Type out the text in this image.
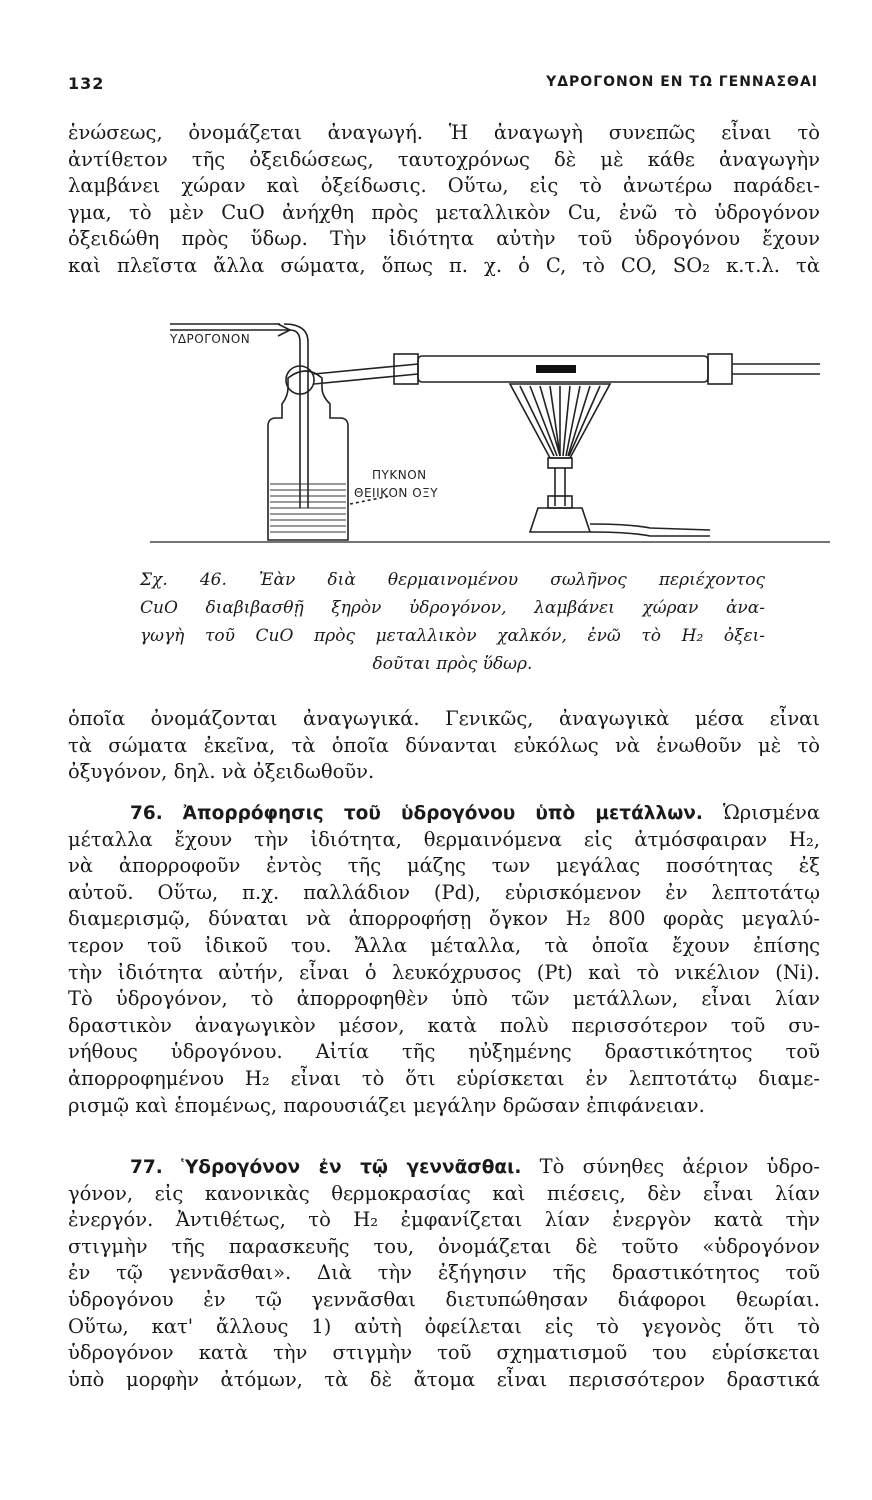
132	ΥΔΡΟΓΟΝΟΝ ΕΝ ΤΩ ΓΕΝΝΑΣΘΑΙ
ἑνώσεως, ὀνομάζεται ἀναγωγή. Ἡ ἀναγωγὴ συνεπῶς εἶναι τὸ
ἀντίθετον τῆς ὀξειδώσεως, ταυτοχρόνως δὲ μὲ κάθε ἀναγωγὴν
λαμβάνει χώραν καὶ ὀξείδωσις. Οὕτω, εἰς τὸ ἀνωτέρω παράδει-
γμα, τὸ μὲν CuO ἀνήχθη πρὸς μεταλλικὸν Cu, ἐνῶ τὸ ὑδρογόνον
ὀξειδώθη πρὸς ὕδωρ. Τὴν ἰδιότητα αὐτὴν τοῦ ὑδρογόνου ἔχουν
καὶ πλεῖστα ἄλλα σώματα, ὅπως π. χ. ὁ C, τὸ CO, SO₂ κ.τ.λ. τὰ
ΥΔΡΟΓΟΝΟΝ
ΠΥΚΝΟΝ
ΘΕΙΙΚΟΝ ΟΞΥ
Σχ. 46. Ἐὰν διὰ θερμαινομένου σωλῆνος περιέχοντος
CuO διαβιβασθῇ ξηρὸν ὑδρογόνον, λαμβάνει χώραν ἀνα-
γωγὴ τοῦ CuO πρὸς μεταλλικὸν χαλκόν, ἐνῶ τὸ H₂ ὀξει-
δοῦται πρὸς ὕδωρ.
ὁποῖα ὀνομάζονται ἀναγωγικά. Γενικῶς, ἀναγωγικὰ μέσα εἶναι
τὰ σώματα ἐκεῖνα, τὰ ὁποῖα δύνανται εὐκόλως νὰ ἑνωθοῦν μὲ τὸ
ὀξυγόνον, δηλ. νὰ ὀξειδωθοῦν.
76. Ἀπορρόφησις τοῦ ὑδρογόνου ὑπὸ μετάλλων. Ὡρισμένα
μέταλλα ἔχουν τὴν ἰδιότητα, θερμαινόμενα εἰς ἀτμόσφαιραν H₂,
νὰ ἀπορροφοῦν ἐντὸς τῆς μάζης των μεγάλας ποσότητας ἐξ
αὐτοῦ. Οὕτω, π.χ. παλλάδιον (Pd), εὑρισκόμενον ἐν λεπτοτάτῳ
διαμερισμῷ, δύναται νὰ ἀπορροφήσῃ ὄγκον H₂ 800 φορὰς μεγαλύ-
τερον τοῦ ἰδικοῦ του. Ἄλλα μέταλλα, τὰ ὁποῖα ἔχουν ἐπίσης
τὴν ἰδιότητα αὐτήν, εἶναι ὁ λευκόχρυσος (Pt) καὶ τὸ νικέλιον (Ni).
Τὸ ὑδρογόνον, τὸ ἀπορροφηθὲν ὑπὸ τῶν μετάλλων, εἶναι λίαν
δραστικὸν ἀναγωγικὸν μέσον, κατὰ πολὺ περισσότερον τοῦ συ-
νήθους ὑδρογόνου. Αἰτία τῆς ηὐξημένης δραστικότητος τοῦ
ἀπορροφημένου H₂ εἶναι τὸ ὅτι εὑρίσκεται ἐν λεπτοτάτῳ διαμε-
ρισμῷ καὶ ἑπομένως, παρουσιάζει μεγάλην δρῶσαν ἐπιφάνειαν.
77. Ὑδρογόνον ἐν τῷ γεννᾶσθαι. Τὸ σύνηθες ἀέριον ὑδρο-
γόνον, εἰς κανονικὰς θερμοκρασίας καὶ πιέσεις, δὲν εἶναι λίαν
ἐνεργόν. Ἀντιθέτως, τὸ H₂ ἐμφανίζεται λίαν ἐνεργὸν κατὰ τὴν
στιγμὴν τῆς παρασκευῆς του, ὀνομάζεται δὲ τοῦτο «ὑδρογόνον
ἐν τῷ γεννᾶσθαι». Διὰ τὴν ἐξήγησιν τῆς δραστικότητος τοῦ
ὑδρογόνου ἐν τῷ γεννᾶσθαι διετυπώθησαν διάφοροι θεωρίαι.
Οὕτω, κατ' ἄλλους 1) αὐτὴ ὀφείλεται εἰς τὸ γεγονὸς ὅτι τὸ
ὑδρογόνον κατὰ τὴν στιγμὴν τοῦ σχηματισμοῦ του εὑρίσκεται
ὑπὸ μορφὴν ἀτόμων, τὰ δὲ ἄτομα εἶναι περισσότερον δραστικά
